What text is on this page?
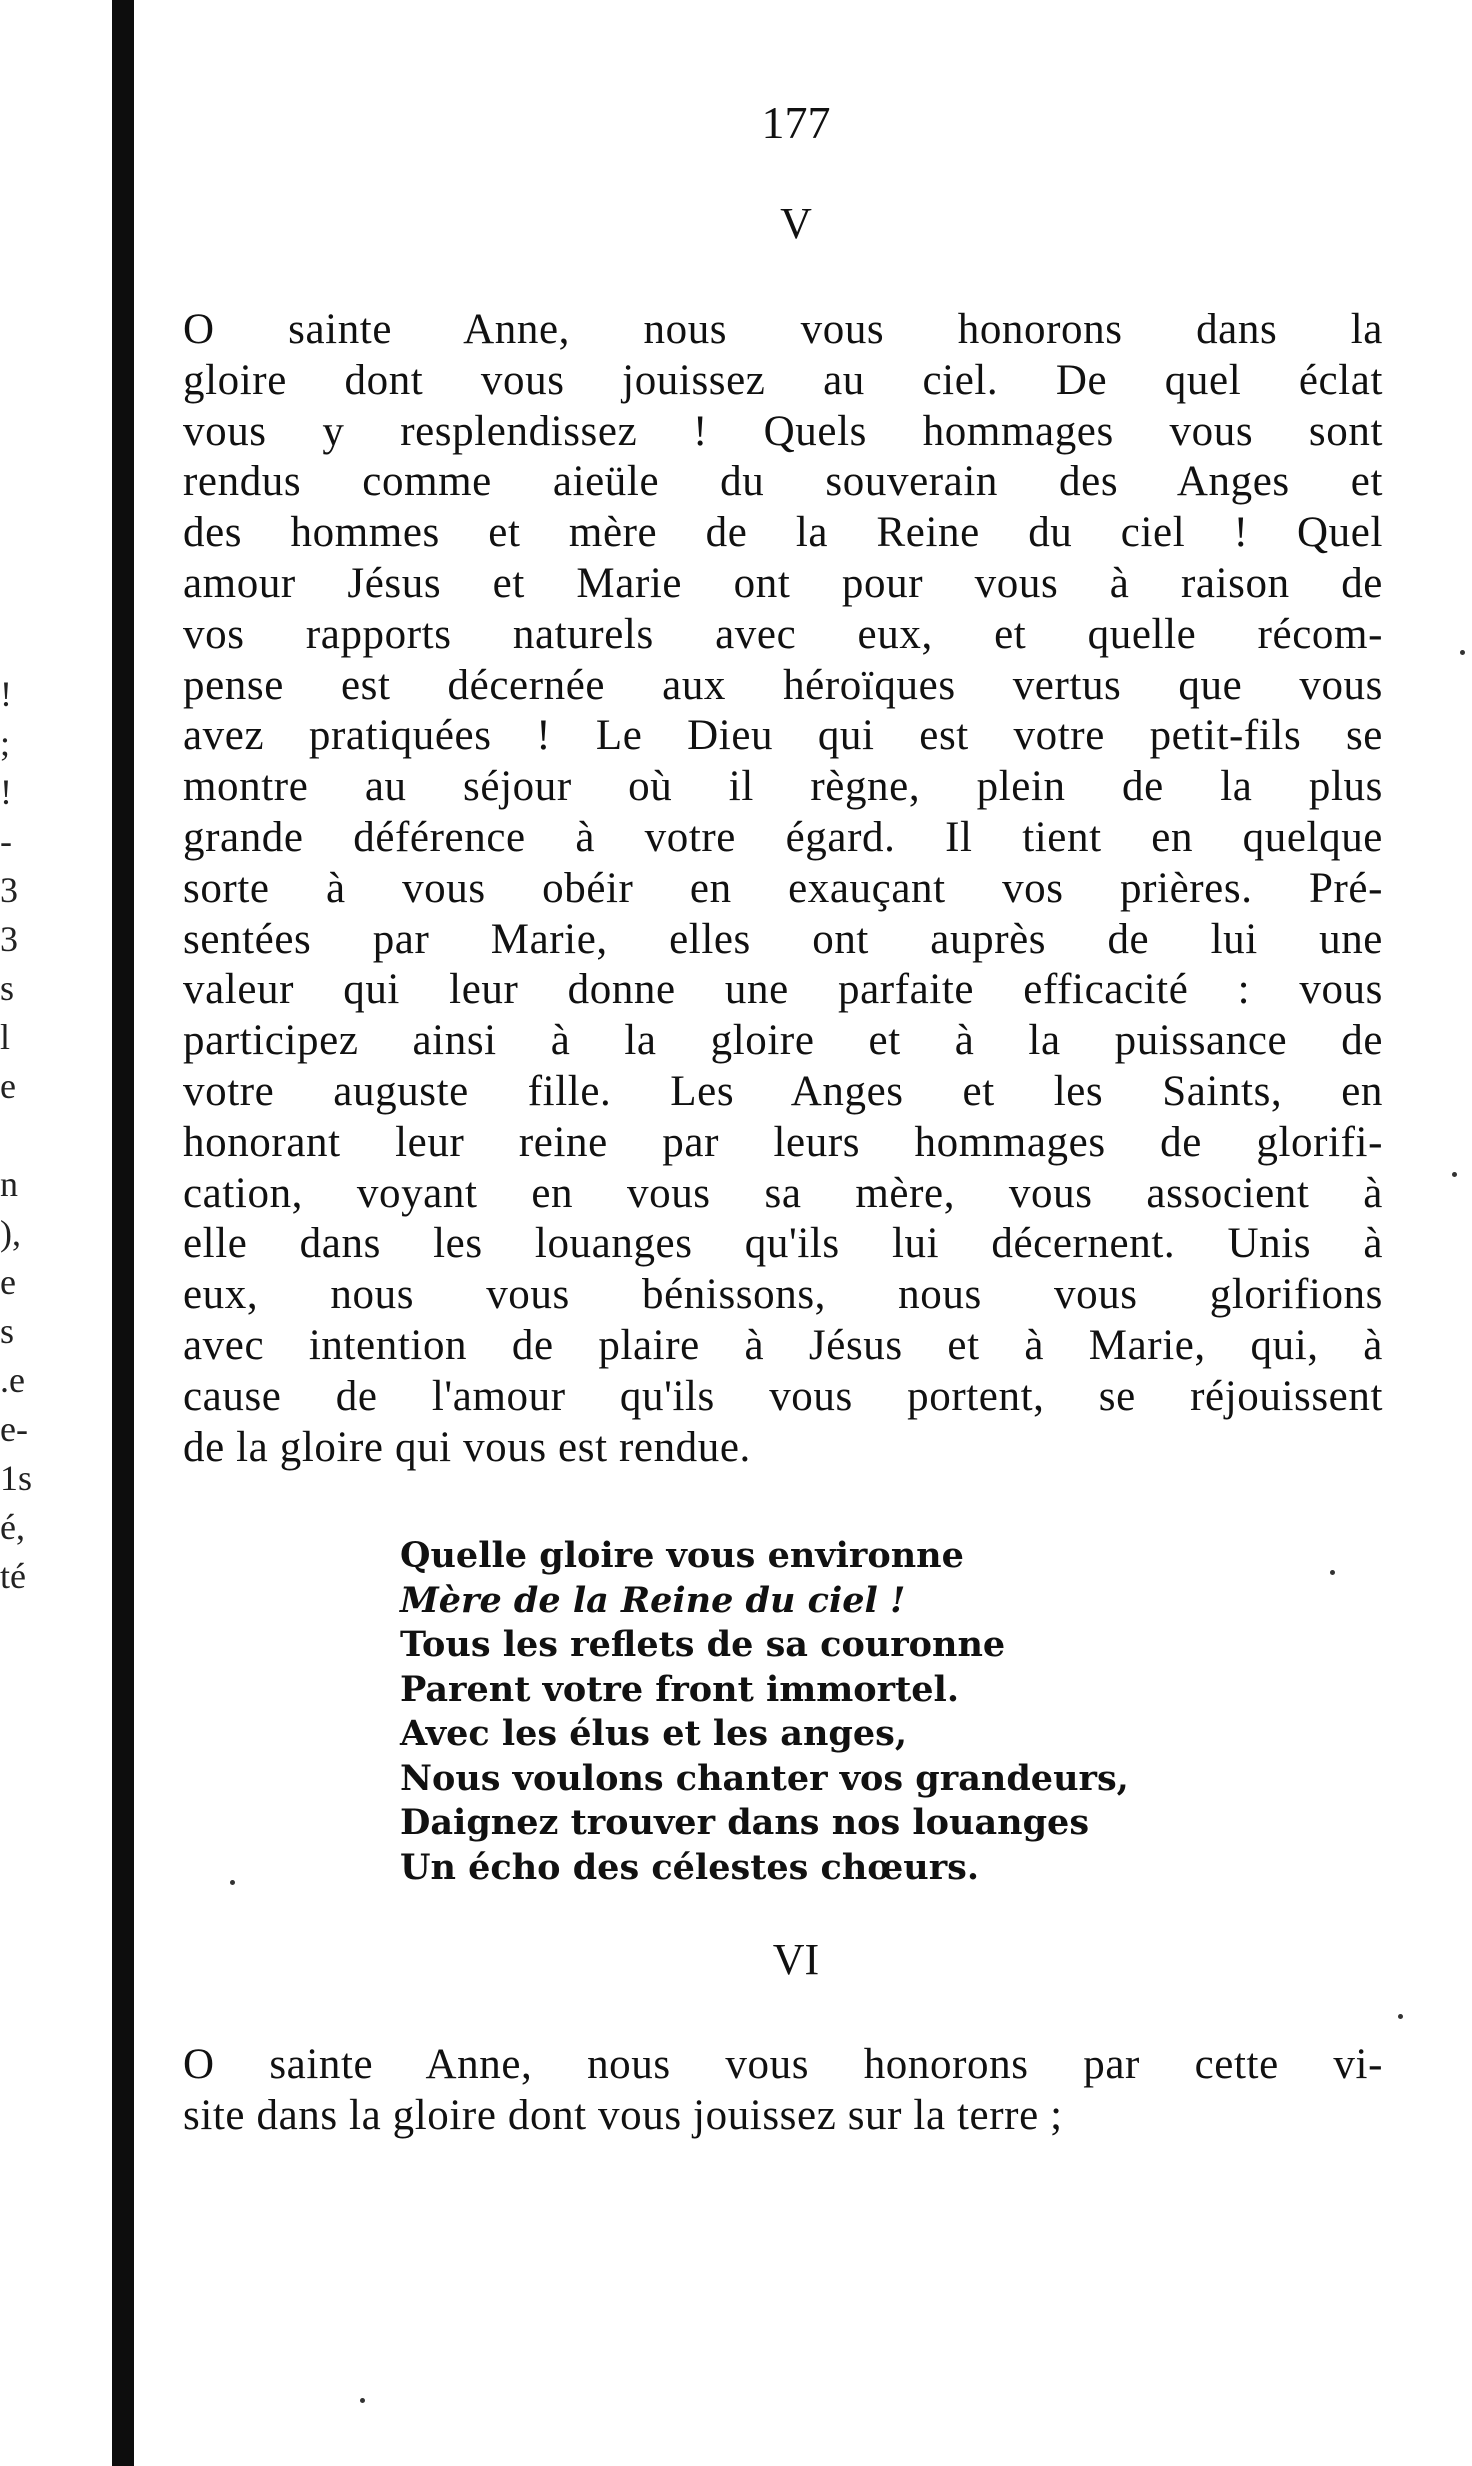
!
;
!
-
3
3
s
l
e
n
),
e
s
.e
e-
1s
é,
té
177
V

O sainte Anne, nous vous honorons dans la
gloire dont vous jouissez au ciel. De quel éclat
vous y resplendissez ! Quels hommages vous sont
rendus comme aieüle du souverain des Anges et
des hommes et mère de la Reine du ciel ! Quel
amour Jésus et Marie ont pour vous à raison de
vos rapports naturels avec eux, et quelle récom-
pense est décernée aux héroïques vertus que vous
avez pratiquées ! Le Dieu qui est votre petit-fils se
montre au séjour où il règne, plein de la plus
grande déférence à votre égard. Il tient en quelque
sorte à vous obéir en exauçant vos prières. Pré-
sentées par Marie, elles ont auprès de lui une
valeur qui leur donne une parfaite efficacité : vous
participez ainsi à la gloire et à la puissance de
votre auguste fille. Les Anges et les Saints, en
honorant leur reine par leurs hommages de glorifi-
cation, voyant en vous sa mère, vous associent à
elle dans les louanges qu'ils lui décernent. Unis à
eux, nous vous bénissons, nous vous glorifions
avec intention de plaire à Jésus et à Marie, qui, à
cause de l'amour qu'ils vous portent, se réjouissent
de la gloire qui vous est rendue.

Quelle gloire vous environne
Mère de la Reine du ciel !
Tous les reflets de sa couronne
Parent votre front immortel.
Avec les élus et les anges,
Nous voulons chanter vos grandeurs,
Daignez trouver dans nos louanges
Un écho des célestes chœurs.
VI

O sainte Anne, nous vous honorons par cette vi-
site dans la gloire dont vous jouissez sur la terre ;
